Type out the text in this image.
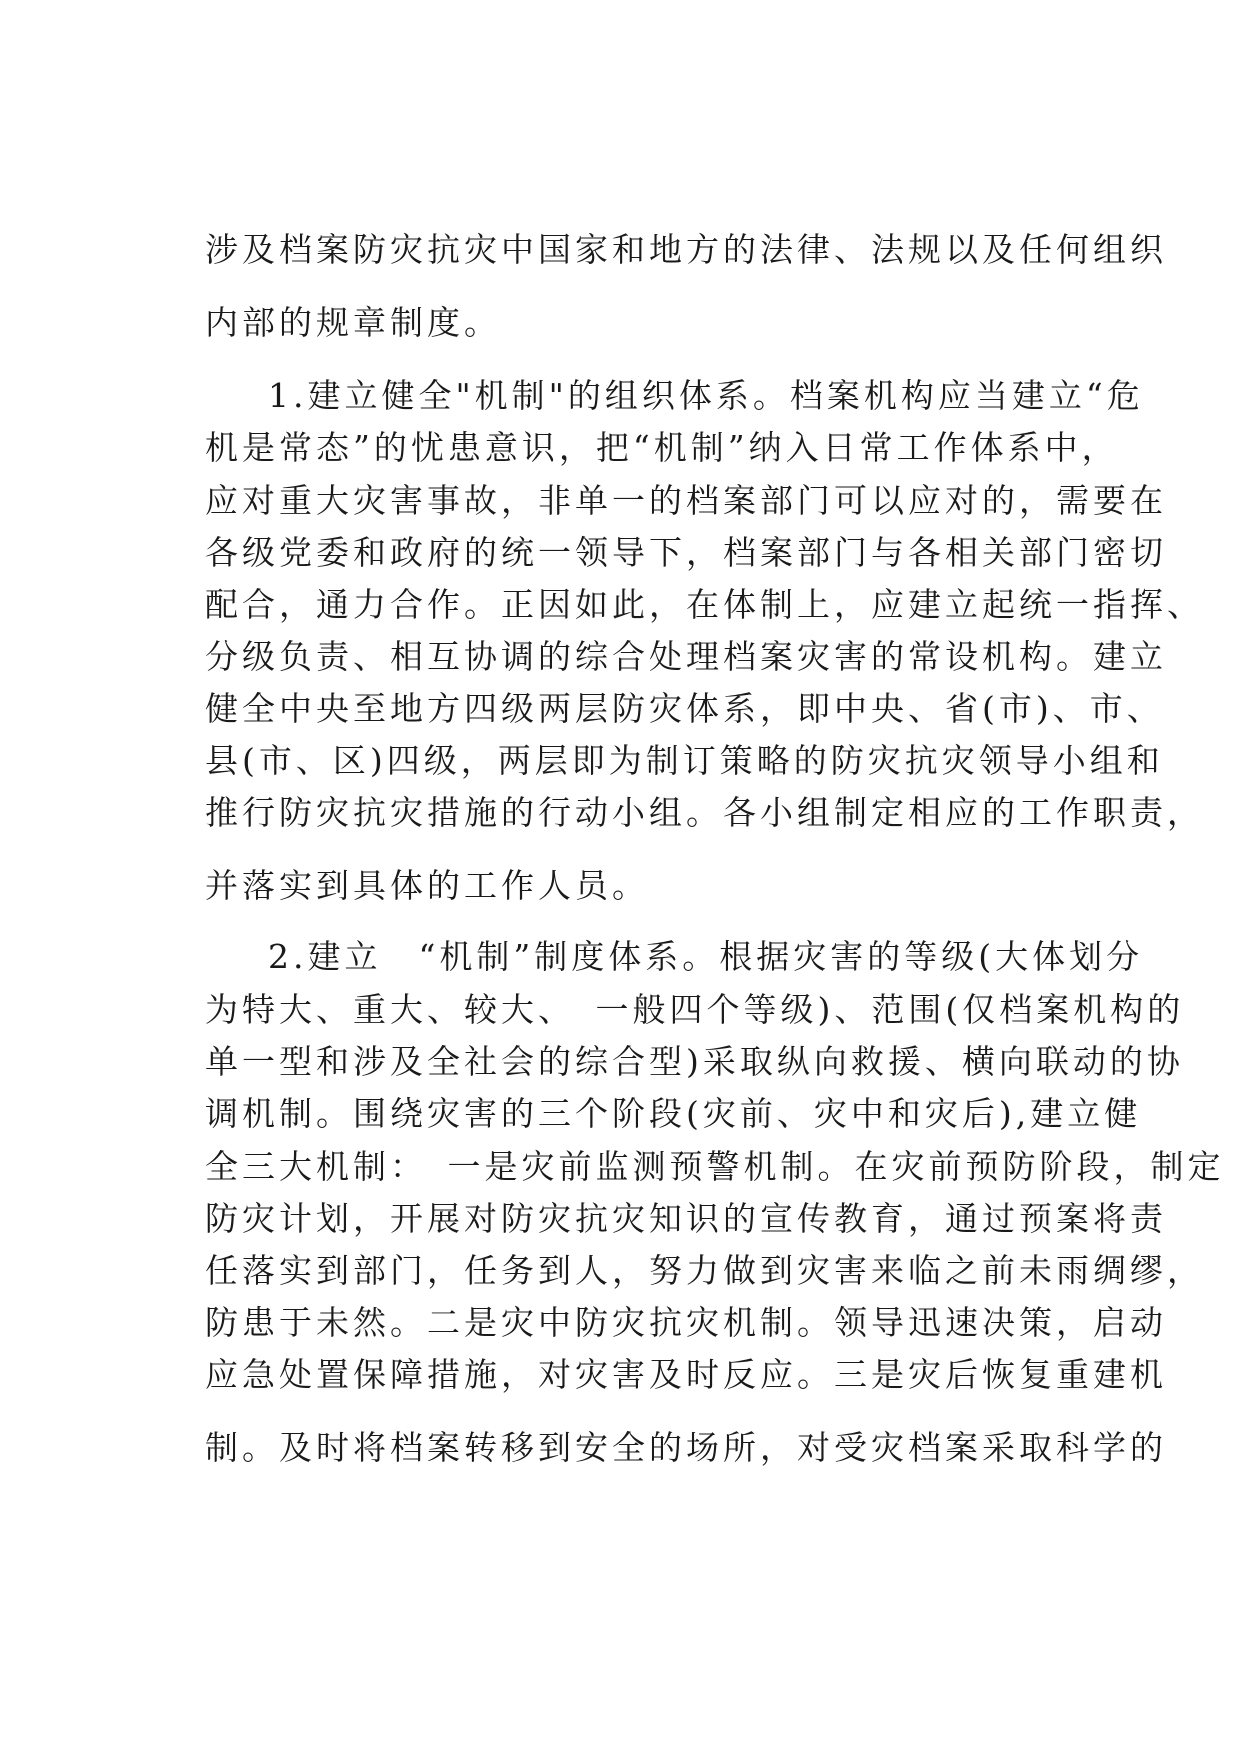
涉及档案防灾抗灾中国家和地方的法律、法规以及任何组织
内部的规章制度。
1.建立健全"机制"的组织体系。档案机构应当建立“危
机是常态”的忧患意识，把“机制”纳入日常工作体系中，
应对重大灾害事故，非单一的档案部门可以应对的，需要在
各级党委和政府的统一领导下，档案部门与各相关部门密切
配合，通力合作。正因如此，在体制上，应建立起统一指挥、
分级负责、相互协调的综合处理档案灾害的常设机构。建立
健全中央至地方四级两层防灾体系，即中央、省(市)、市、
县(市、区)四级，两层即为制订策略的防灾抗灾领导小组和
推行防灾抗灾措施的行动小组。各小组制定相应的工作职责，
并落实到具体的工作人员。
2.建立　“机制”制度体系。根据灾害的等级(大体划分
为特大、重大、较大、　一般四个等级)、范围(仅档案机构的
单一型和涉及全社会的综合型)采取纵向救援、横向联动的协
调机制。围绕灾害的三个阶段(灾前、灾中和灾后),建立健
全三大机制：　一是灾前监测预警机制。在灾前预防阶段，制定
防灾计划，开展对防灾抗灾知识的宣传教育，通过预案将责
任落实到部门，任务到人，努力做到灾害来临之前未雨绸缪，
防患于未然。二是灾中防灾抗灾机制。领导迅速决策，启动
应急处置保障措施，对灾害及时反应。三是灾后恢复重建机
制。及时将档案转移到安全的场所，对受灾档案采取科学的
